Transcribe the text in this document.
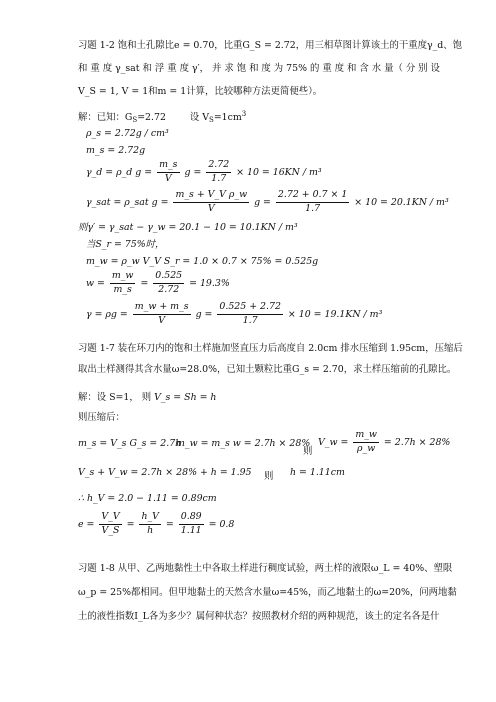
习题 1-2 饱和土孔隙比e = 0.70，比重G_S = 2.72，用三相草图计算该土的干重度γ_d、饱
和 重 度 γ_sat 和 浮 重 度 γ′， 并 求 饱 和 度 为 75% 的 重 度 和 含 水 量（ 分 别 设
V_S = 1, V = 1和m = 1计算，比较哪种方法更简便些）。
解：已知：$G_S=2.72$	设 $V_S=1cm^3$
ρ_s = 2.72g / cm³
m_s = 2.72g
γ_d = ρ_d $g = \frac{m\_s}{V}$ $g = \frac{2.72}{1.7} \times 10 = 16KN / m^3$
γ_sat = ρ_sat $g = \frac{\text{m\_s + V\_V ρ\_w}}{V}$ $g = \frac{2.72 + 0.7 \times 1}{1.7} \times 10 = 20.1KN / m^3$
则γ′ = γ_sat − γ_w = 20.1 − 10 = 10.1KN / m³
当S_r = 75%时，
m_w = ρ_w V_V S_r = 1.0 × 0.7 × 75% = 0.525g
$w = \frac{m\_w}{m\_s} = \frac{0.525}{2.72} = 19.3\%$
$\gamma = \rho g = \frac{m\_w + m\_s}{V}$ $g = \frac{0.525 + 2.72}{1.7} \times 10 = 19.1KN / m^3$
习题 1-7 装在环刀内的饱和土样施加竖直压力后高度自 2.0cm 排水压缩到 1.95cm，压缩后
取出土样测得其含水量ω=28.0%，已知土颗粒比重G_s = 2.70，求土样压缩前的孔隙比。
解：设 S=1， 则 V_s = Sh = h
则压缩后：
m_s = V_s G_s = 2.7h
m_w = m_s w = 2.7h × 28% V_w = $\frac{m\_w}{\rho\_w} = 2.7h \times 28\%$
则
V_s + V_w = 2.7h × 28% + h = 1.95 则 h = 1.11cm
∴ h_V = 2.0 − 1.11 = 0.89cm
$e = \frac{V\_V}{V\_S} = \frac{h\_V}{h} = \frac{0.89}{1.11} = 0.8$
习题 1-8 从甲、乙两地黏性土中各取土样进行稠度试验，两土样的液限ω_L = 40%、塑限
ω_p = 25%都相同。但甲地黏土的天然含水量ω=45%，而乙地黏土的ω=20%，问两地黏
土的液性指数I_L各为多少？属何种状态？按照教材介绍的两种规范，该土的定名各是什
